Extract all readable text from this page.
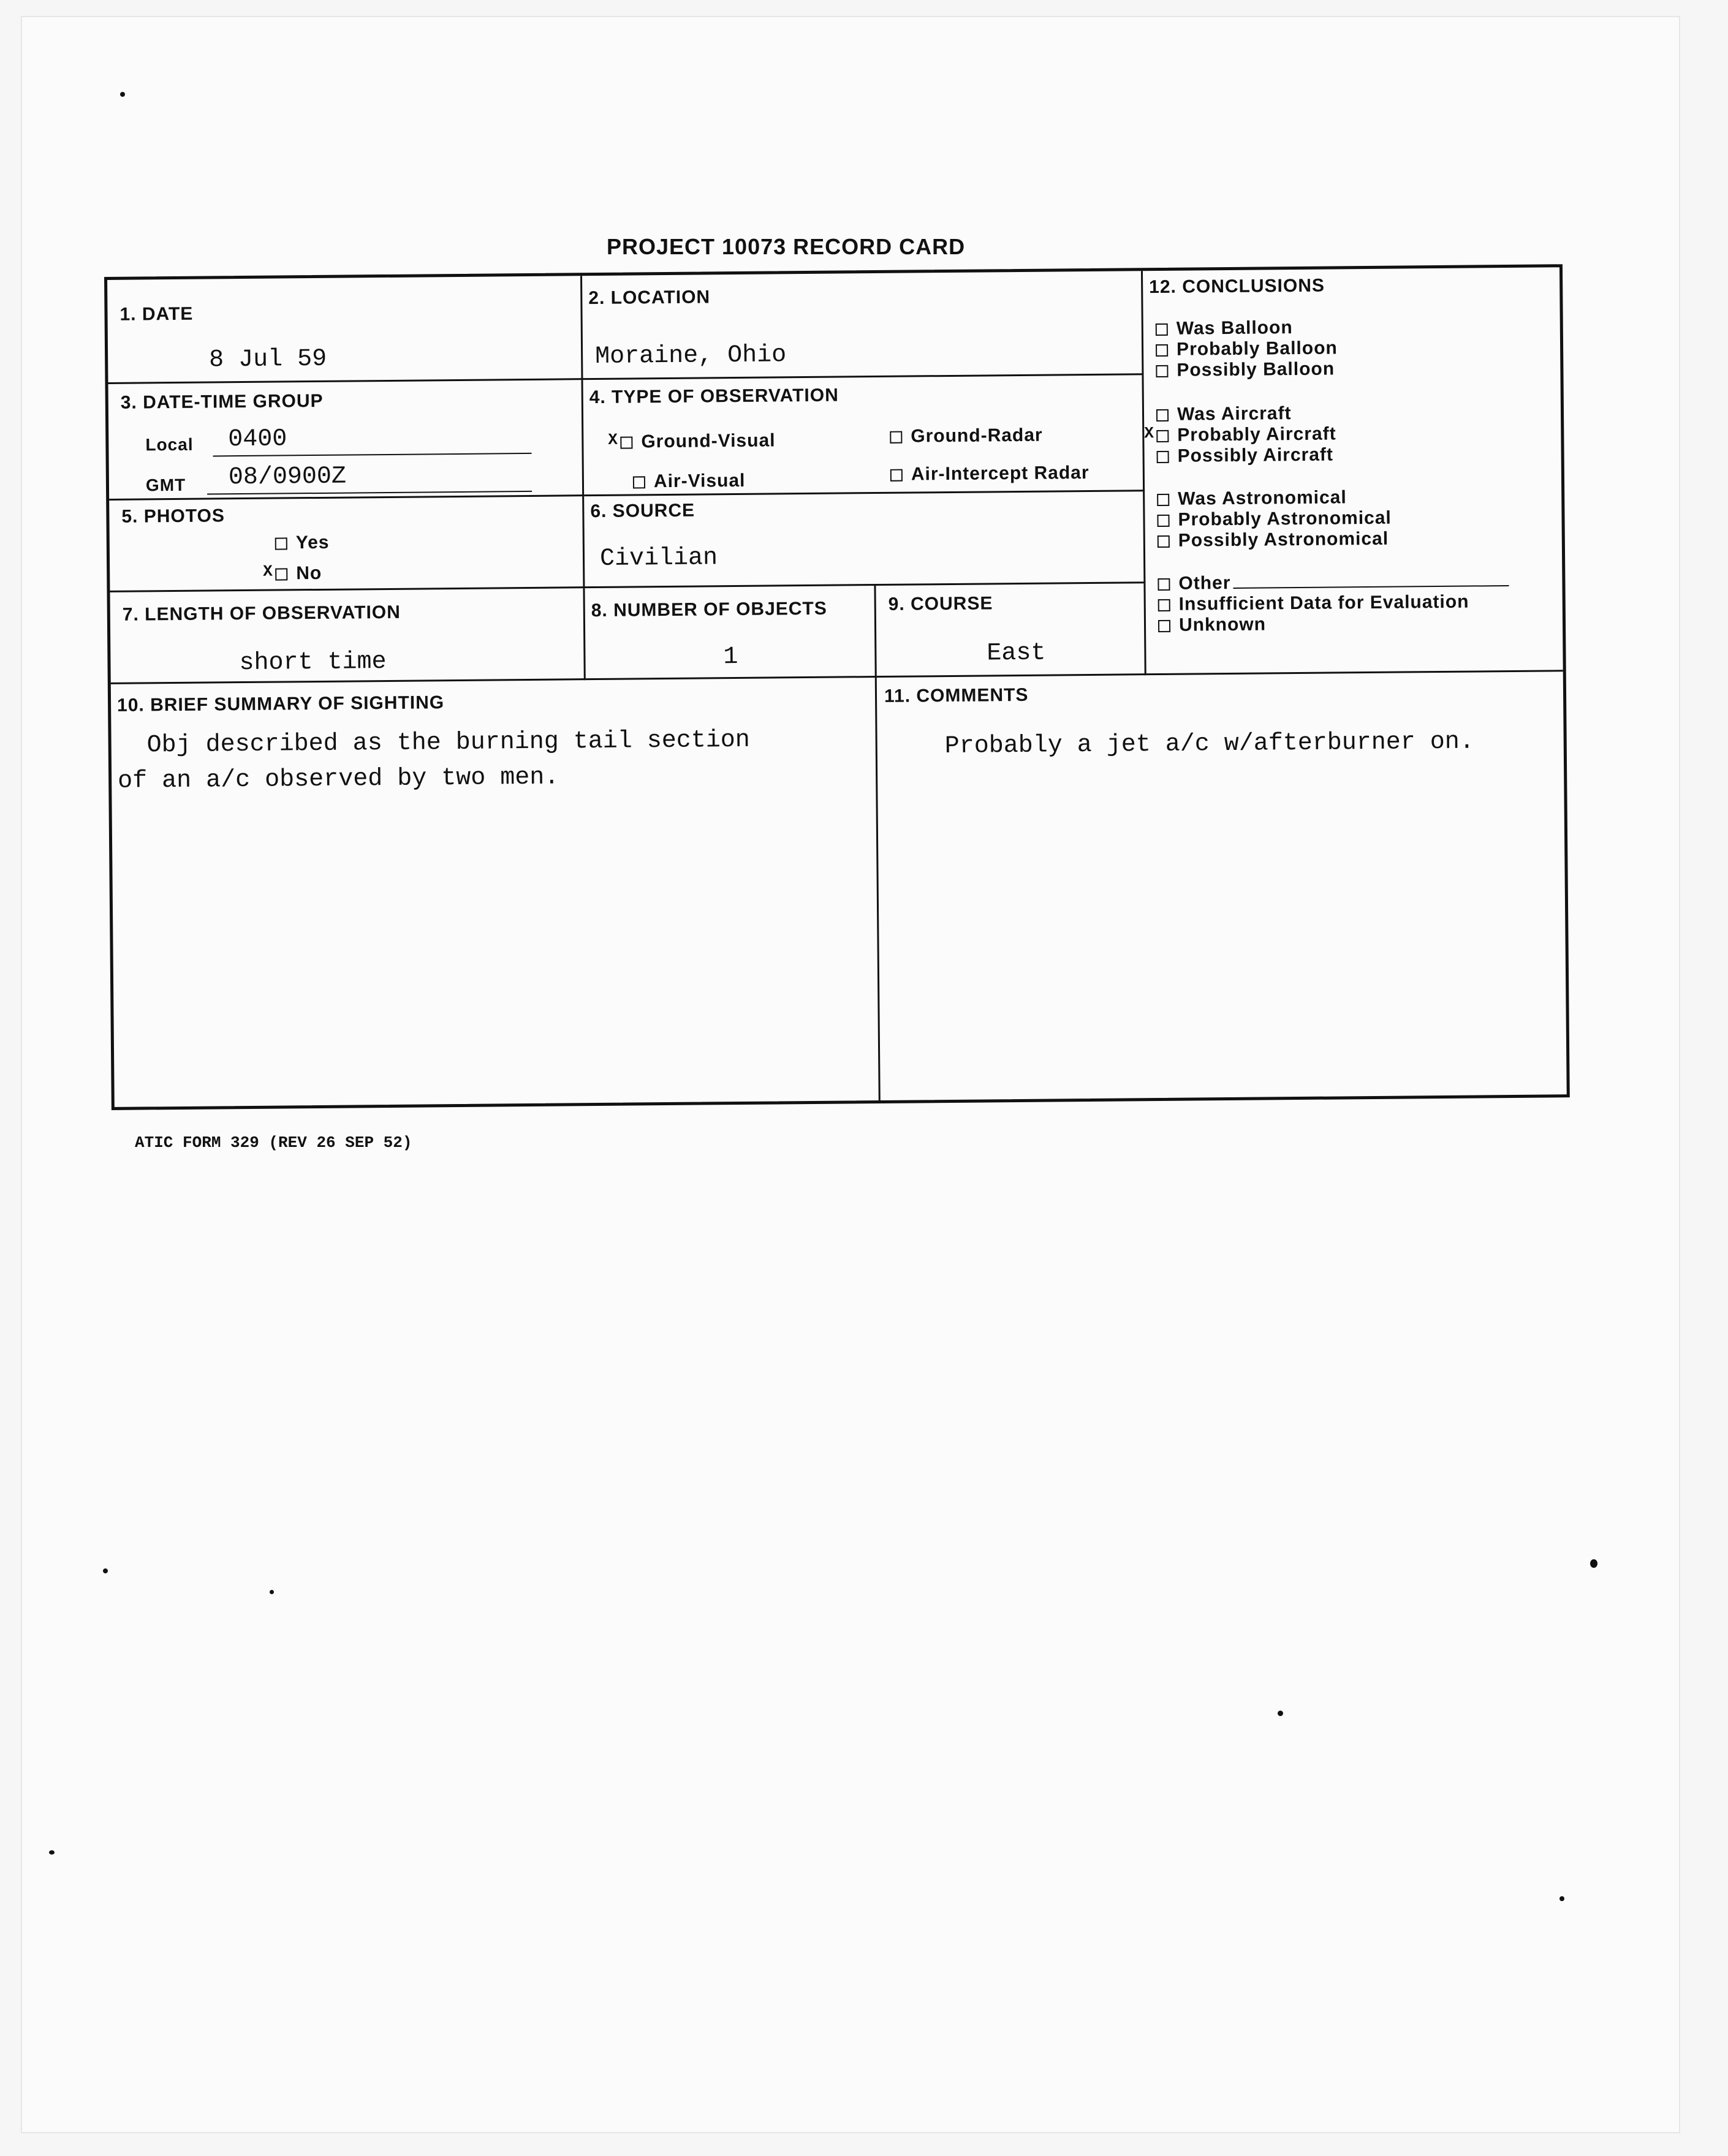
PROJECT 10073 RECORD CARD
1. DATE
8 Jul 59
2. LOCATION
Moraine, Ohio
3. DATE-TIME GROUP
Local 0400
GMT 08/0900Z
4. TYPE OF OBSERVATION
XGround-Visual	Ground-Radar
Air-Visual	Air-Intercept Radar
5. PHOTOS
Yes
XNo
6. SOURCE
Civilian
7. LENGTH OF OBSERVATION
short time
8. NUMBER OF OBJECTS
1
9. COURSE
East
12. CONCLUSIONS
Was Balloon
Probably Balloon
Possibly Balloon
Was Aircraft
XProbably Aircraft
Possibly Aircraft
Was Astronomical
Probably Astronomical
Possibly Astronomical
Other
Insufficient Data for Evaluation
Unknown
10. BRIEF SUMMARY OF SIGHTING
Obj described as the burning tail section
of an a/c observed by two men.
11. COMMENTS
Probably a jet a/c w/afterburner on.
ATIC FORM 329 (REV 26 SEP 52)
